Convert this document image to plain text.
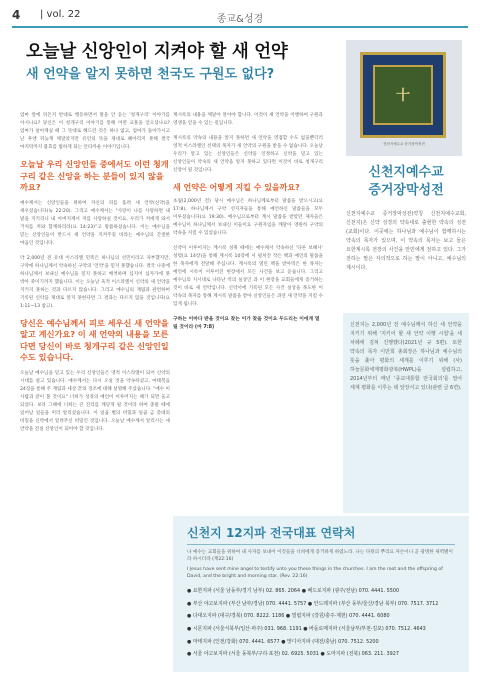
4 | vol. 22	종교&성경
오늘날 신앙인이 지켜야 할 새 언약
새 언약을 알지 못하면 천국도 구원도 없다?

엄마 앞에 뒤돈지 반대로 행동하면서 말을 안 듣는 '청개구리' 이야기를 아시나요? 당신은 이 청개구리 이야기를 통해 어떤 교훈을 얻으셨나요? 엄마가 살아계실 때 그 뜻대로 해드린 것은 하나 없고, 엄마가 돌아가시고 난 후엔 뒤늦게 깨달았지만 유언의 뜻을 제대로 헤아리지 못해 결국 마지막까지 불효를 범하게 되는 안타까운 이야기입니다.

오늘날 우리 신앙인들 중에서도 이런 청개구리 같은 신앙을 하는 분들이 있지 않을까요?

예수께서는 신앙인들을 위하여 자신의 피를 흘려 새 언약(신약)을 세우셨습니다(눅 22:20). 그리고 예수께서는 "사랑이 나를 사랑하면 내 말을 지키리니 내 아버지께서 저를 사랑하실 것이요, 우리가 저에게 와서 거처를 저와 함께하리라(요 14:23)"고 말씀하셨습니다. 이는 예수님을 믿는 신앙인들이 반드시 새 언약을 지켜주길 바라는 예수님의 간절한 마음인 것입니다.

약 2,000년 전 유대 이스라엘 민족은 하나님의 선민이라고 자부했지만, 구약에 하나님께서 약속하신 구약의 '언약'을 믿지 못했습니다. 결국 나중에 하나님께서 보내신 예수님을 믿지 못하고 배척하며 심지어 십자가에 못 박아 죽이기까지 했습니다. 이는 오늘날 육적 이스라엘이 신약의 새 언약을 지키지 못하는 것과 다르지 않습니다. 그리고 예수님의 재림과 관련하여 기록된 신약을 제대로 알지 못한다면 그 결과는 다르지 않을 것입니다(요 1:11~13 참고).

당신은 예수님께서 피로 세우신 새 언약을 알고 계신가요? 이 새 언약의 내용을 모른다면 당신이 바로 청개구리 같은 신앙인일 수도 있습니다.

오늘날 예수님을 믿고 있는 우리 신앙인들은 영적 이스라엘이 되어 신약의 시대를 살고 있습니다. 예수께서는 다시 오실 것을 약속하셨고, 마태복음 24장을 통해 주 재림과 세상 끝의 징조에 대해 설명해 주셨습니다. "예수 이 사람과 같이 볼 것이요" 너희가 성경의 예언이 이루어지는 때가 되면 들고 되었다. 보라 그때에 너희는 큰 진리를 깨닫게 될 것이라 하여 종말 때에 일어날 일들을 미리 알리셨습니다. 이 일곱 별의 비밀과 일곱 금 촛대의 비밀을 신약에서 알려주신 비밀인 것입니다. 오늘날 예수께서 알리시는 새 언약을 진실 신앙인이 되어야 할 것입니다.

계시록의 내용을 깨달아 알아야 합니다. 이것이 새 언약을 이행하여 구원과 영생을 얻을 수 있는 길입니다.

계시록의 약속의 내용을 알지 못하면 새 언약을 영접할 수도 없을뿐더러 영적 이스라엘인 선택의 목자가 새 언약의 구원을 받을 수 없습니다. 오늘날 우리가 알고 있는 신앙인들은 신약을 인정하고 신약을 믿고 있는 신앙인들이 약속의 새 언약을 알지 못하고 있다면 이것이 바로 청개구리 신앙이 될 것입니다.

새 언약은 어떻게 지킬 수 있을까요?

초림(2,000년 전) 당시 예수님은 하나님께로부터 말씀을 받으시고(요 17:8), 하나님께서 구약 선지자들을 통해 예언하신 말씀들을 모두 이루셨습니다(요 19:30). 예수님으로부터 계시 말씀을 받았던 제자들은 예수님이 하나님께서 보내신 이들이요 구원자임을 깨달아 영원히 구약의 약속을 지킬 수 있었습니다.

신약이 이루어지는 계시록 성취 때에는 예수께서 약속하신 '다른 보혜사' 성령(요 14장)을 통해 계시록 10장에 서 펼쳐진 작은 책과 예언의 말씀을 한 목자에게 전달해 주십니다. 계시록의 열린 책을 받아먹은 한 목자는 예언에 시록이 이루어진 현장에서 모든 사건을 보고 듣습니다. 그리고 예수님의 지시대로 나타난 역의 실상인 과 이 현장을 교회들에게 증거하는 것이 바로 새 언약입니다. 신약서에 기록된 모든 사건 실상을 목도한 이 약속의 목자를 통해 계시록 말씀을 받아 신앙인들은 과연 새 언약을 지킬 수 있게 됩니다.

구하는 이마다 받을 것이요 찾는 이가 찾을 것이요 두드리는 이에게 열릴 것이라 (마 7:8)

十
신천지예수교 증거장막성전
신천지예수교
증거장막성전

신천지예수교 증거장막성전(약칭 신천지예수교회, 신천지)은 신약 성경의 약속대로 출현한 약속의 성전(교회)이다. 이곳에는 하나님과 예수님이 함께하시는 약속의 목자가 있으며, 이 약속의 목자는 보고 들은 요한계시록 전장의 사건을 만민에게 전하고 있다. 그가 전하는 말은 자의적으로 하는 말이 아니고, 예수님의 계시이다.

신천지는 2,000년 전 예수님께서 하신 새 언약을 지키기 위해 '지키어 할 새 언약 이행 시험'을 새 차례에 걸쳐 진행했다(2021년 규 5편). 또한 약속의 목자 이만희 총회장은 하나님과 예수님의 뜻을 좇아 평화의 세계를 이루기 위해 (사)하늘문화세계평화광복(HWPL)을 설립하고, 2014년부터 매년 '종교대통합 만국회의'를 열어 세계 평화를 이루는 데 앞장서고 있다(관련 글 6면).
신천지 12지파 전국대표 연락처
나 예수는 교회들을 위하여 내 사자를 보내어 이것들을 너희에게 증거하게 하였노라. 나는 다윗의 뿌리요 자손이니 곧 광명한 새벽별이라 하시더라 (계22:16)
I Jesus have sent mine angel to testify unto you these things in the churches. I am the root and the offspring of David, and the bright and morning star. (Rev. 22:16)
● 요한지파 (서울 남동부/경기 남부) 02. 865. 2064 ● 베드로지파 (광주/전남) 070. 4441. 5500
● 부산 야고보지파 (부산 남부/경남) 070. 4441. 5757 ● 안드레지파 (부산 동부/울산/경남 북부) 070. 7517. 3712
● 다대오지파 (대구/경북) 070. 8222. 1186 ● 빌립지파 (강원/충주·제천) 070. 4441. 6080
● 시몬지파 (서울서북부/일산·파주) 031. 968. 1191 ● 바돌로매지파 (서울남부/부천·김포) 070. 7512. 4643
● 마태지파 (인천/강화) 070. 4441. 6577 ● 맛디아지파 (대전/충남) 070. 7512. 5200
● 서울 야고보지파 (서울 동북부/구리·포천) 02. 6925. 5031 ● 도마지파 (전북) 063. 211. 3927
